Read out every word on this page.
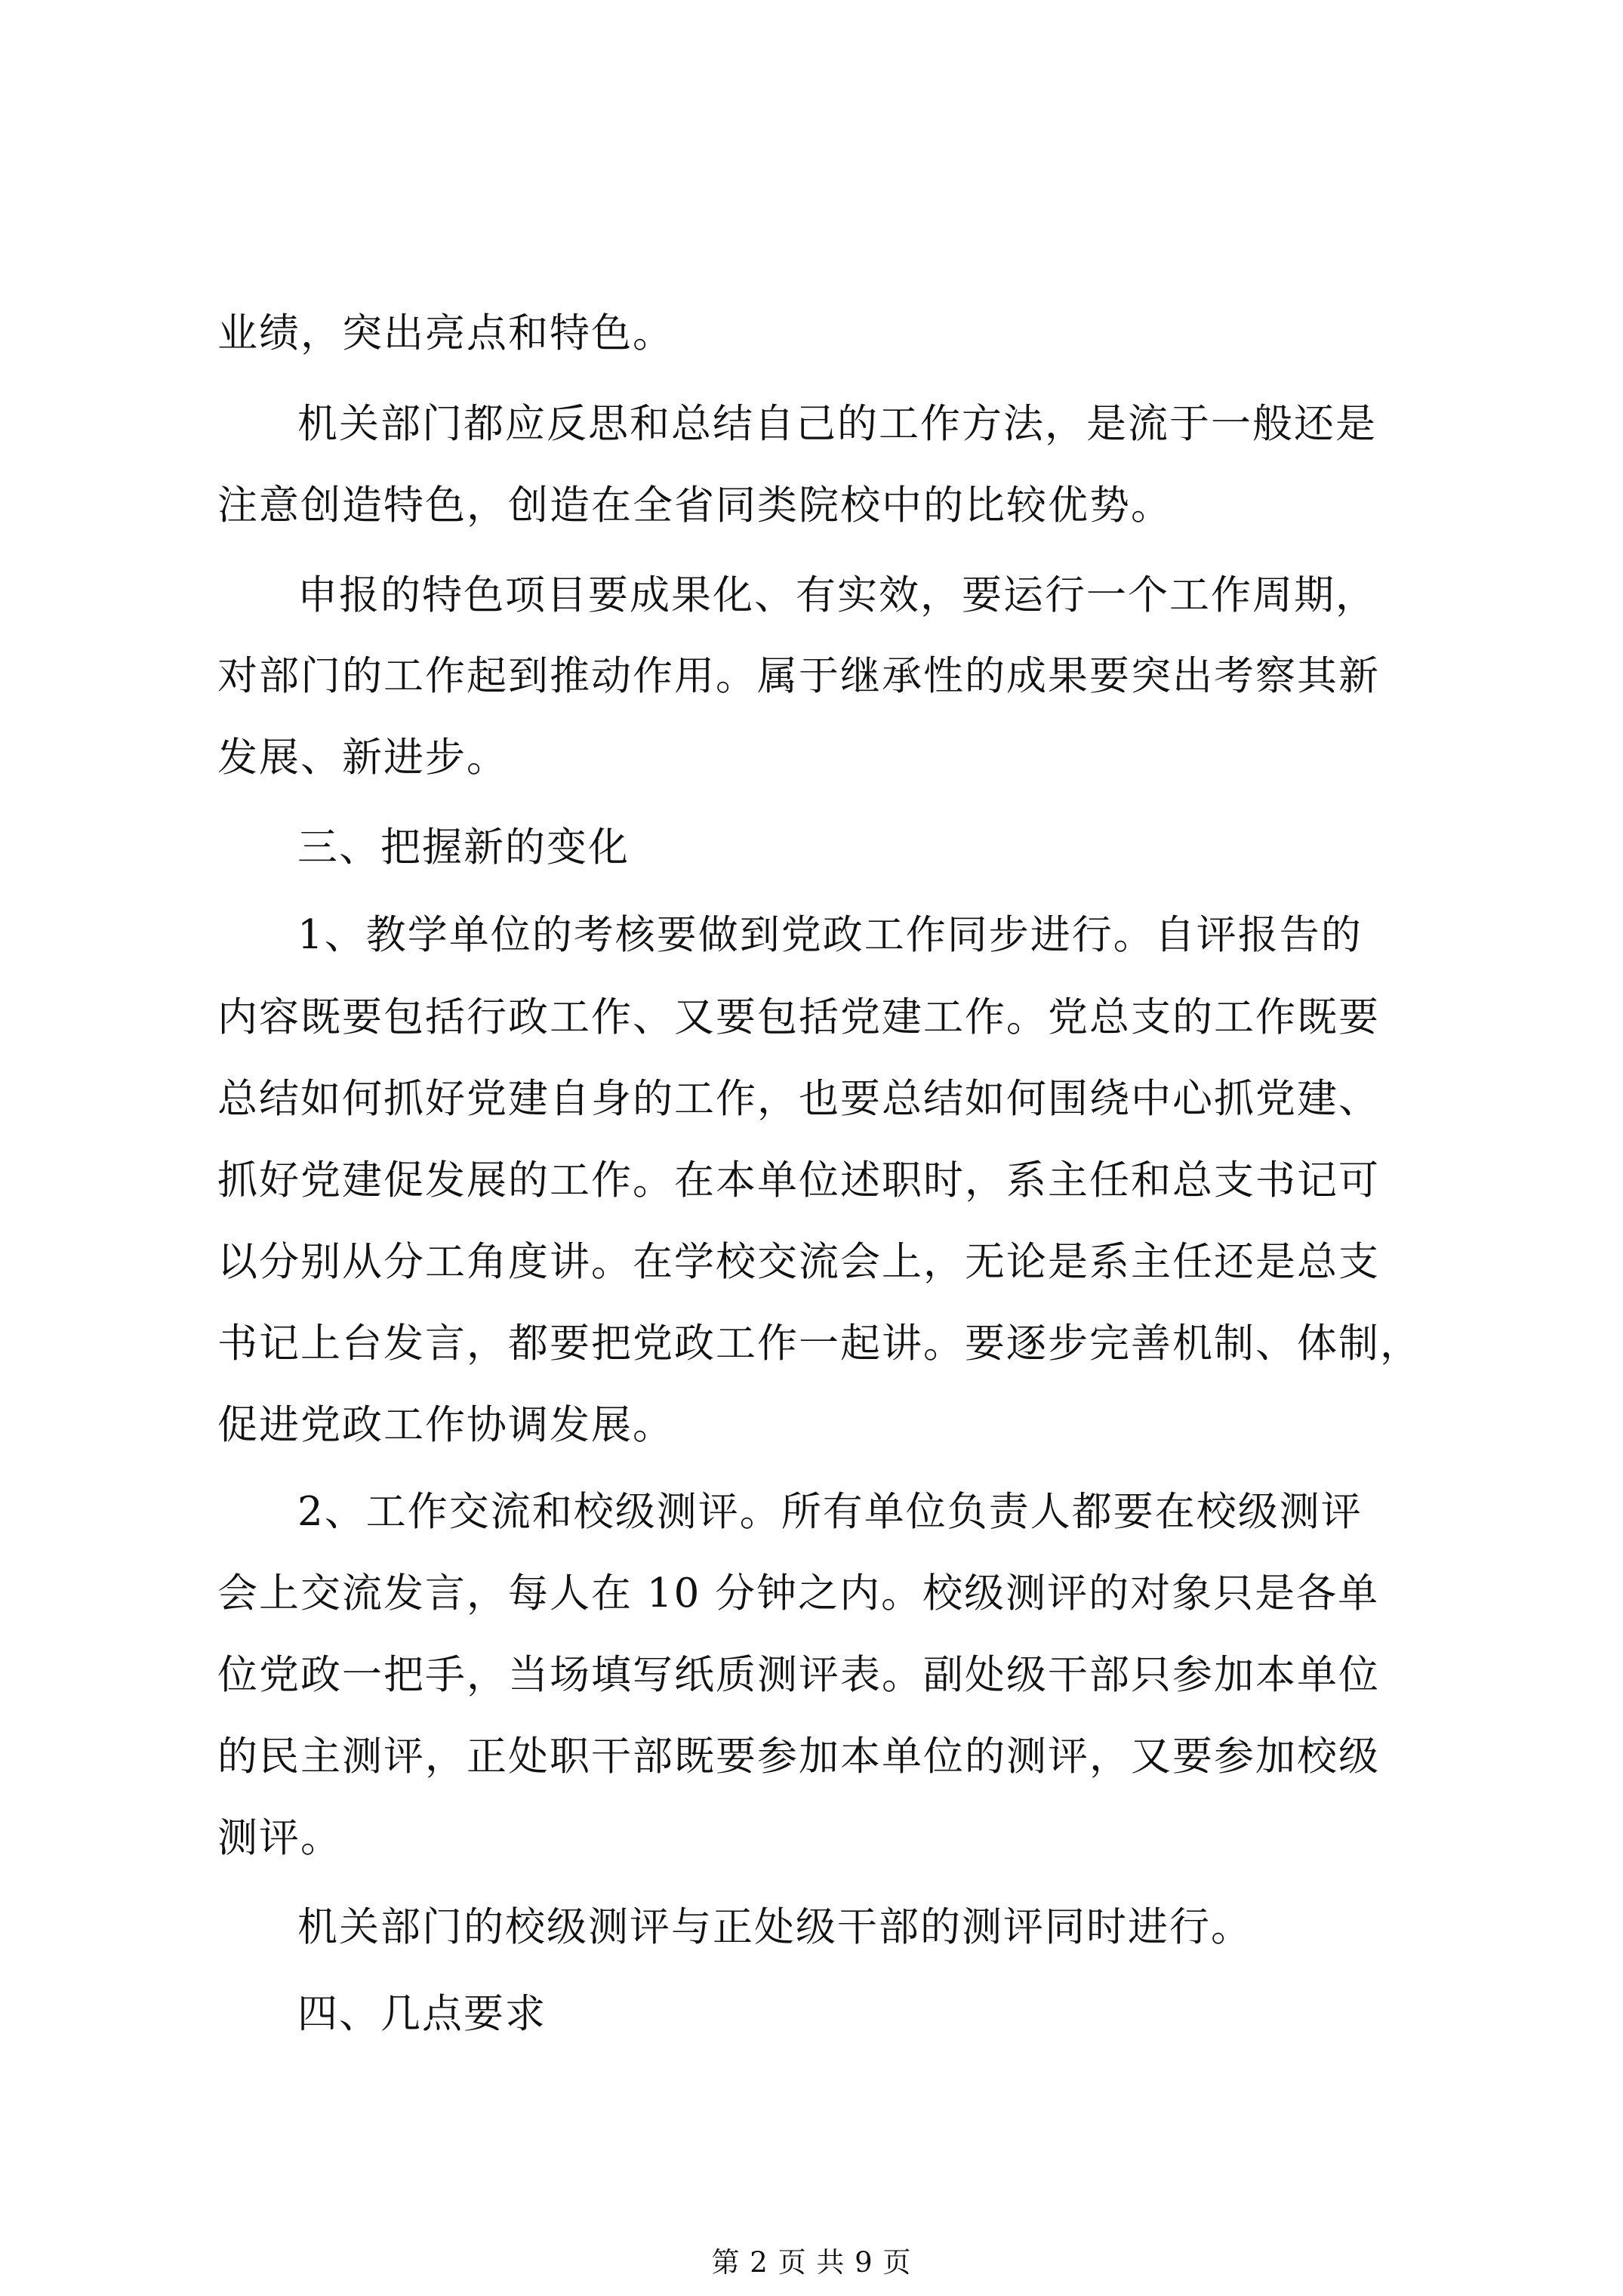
业绩，突出亮点和特色。
机关部门都应反思和总结自己的工作方法，是流于一般还是
注意创造特色，创造在全省同类院校中的比较优势。
申报的特色项目要成果化、有实效，要运行一个工作周期，
对部门的工作起到推动作用。属于继承性的成果要突出考察其新
发展、新进步。
三、把握新的变化
1、教学单位的考核要做到党政工作同步进行。自评报告的
内容既要包括行政工作、又要包括党建工作。党总支的工作既要
总结如何抓好党建自身的工作，也要总结如何围绕中心抓党建、
抓好党建促发展的工作。在本单位述职时，系主任和总支书记可
以分别从分工角度讲。在学校交流会上，无论是系主任还是总支
书记上台发言，都要把党政工作一起讲。要逐步完善机制、体制，
促进党政工作协调发展。
2、工作交流和校级测评。所有单位负责人都要在校级测评
会上交流发言，每人在 10 分钟之内。校级测评的对象只是各单
位党政一把手，当场填写纸质测评表。副处级干部只参加本单位
的民主测评，正处职干部既要参加本单位的测评，又要参加校级
测评。
机关部门的校级测评与正处级干部的测评同时进行。
四、几点要求
第 2 页 共 9 页
